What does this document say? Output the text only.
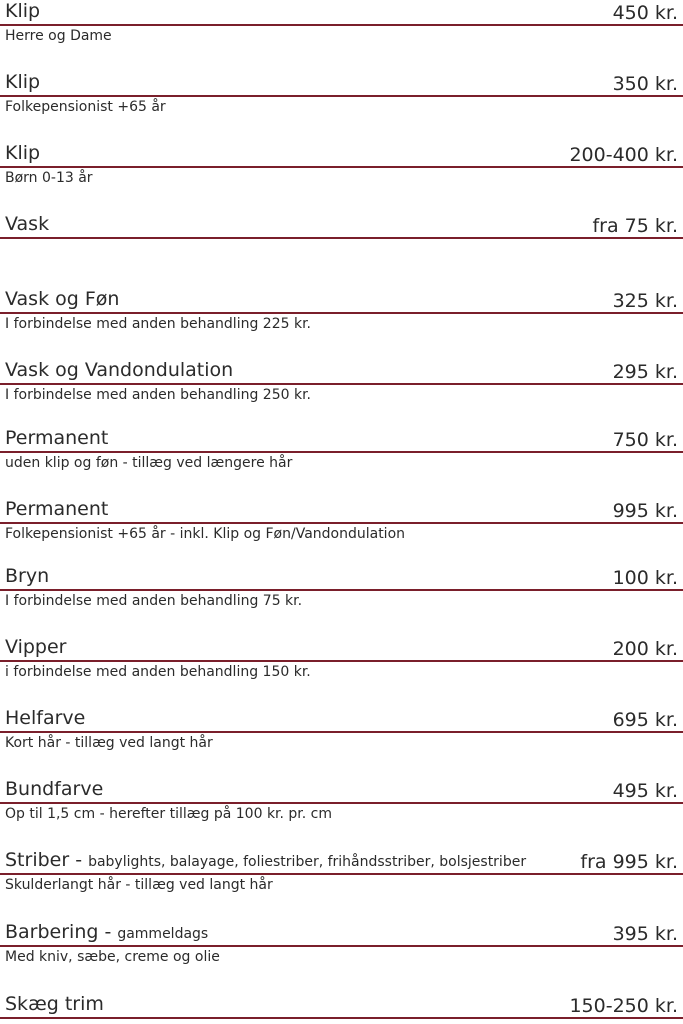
Klip	450 kr.
Herre og Dame
Klip	350 kr.
Folkepensionist +65 år
Klip	200-400 kr.
Børn 0-13 år
Vask	fra 75 kr.
Vask og Føn	325 kr.
I forbindelse med anden behandling 225 kr.
Vask og Vandondulation	295 kr.
I forbindelse med anden behandling 250 kr.
Permanent	750 kr.
uden klip og føn - tillæg ved længere hår
Permanent	995 kr.
Folkepensionist +65 år - inkl. Klip og Føn/Vandondulation
Bryn	100 kr.
I forbindelse med anden behandling 75 kr.
Vipper	200 kr.
i forbindelse med anden behandling 150 kr.
Helfarve	695 kr.
Kort hår - tillæg ved langt hår
Bundfarve	495 kr.
Op til 1,5 cm - herefter tillæg på 100 kr. pr. cm
Striber - babylights, balayage, foliestriber, frihåndsstriber, bolsjestriber	fra 995 kr.
Skulderlangt hår - tillæg ved langt hår
Barbering - gammeldags	395 kr.
Med kniv, sæbe, creme og olie
Skæg trim	150-250 kr.
